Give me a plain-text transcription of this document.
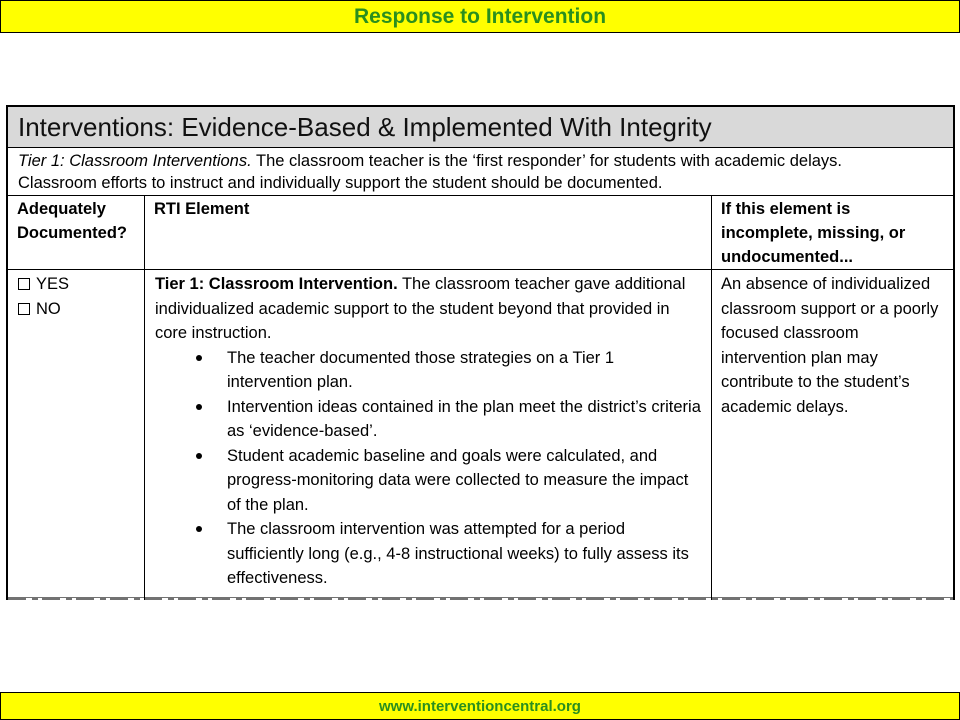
Response to Intervention
Interventions: Evidence-Based & Implemented With Integrity
Tier 1: Classroom Interventions. The classroom teacher is the ‘first responder’ for students with academic delays.
Classroom efforts to instruct and individually support the student should be documented.
Adequately Documented?
YES
NO
RTI Element
Tier 1: Classroom Intervention. The classroom teacher gave additional individualized academic support to the student beyond that provided in core instruction.
The teacher documented those strategies on a Tier 1 intervention plan.
Intervention ideas contained in the plan meet the district’s criteria as ‘evidence-based’.
Student academic baseline and goals were calculated, and progress-monitoring data were collected to measure the impact of the plan.
The classroom intervention was attempted for a period sufficiently long (e.g., 4-8 instructional weeks) to fully assess its effectiveness.
If this element is incomplete, missing, or undocumented...
An absence of individualized classroom support or a poorly focused classroom intervention plan may contribute to the student’s academic delays.
www.interventioncentral.org
